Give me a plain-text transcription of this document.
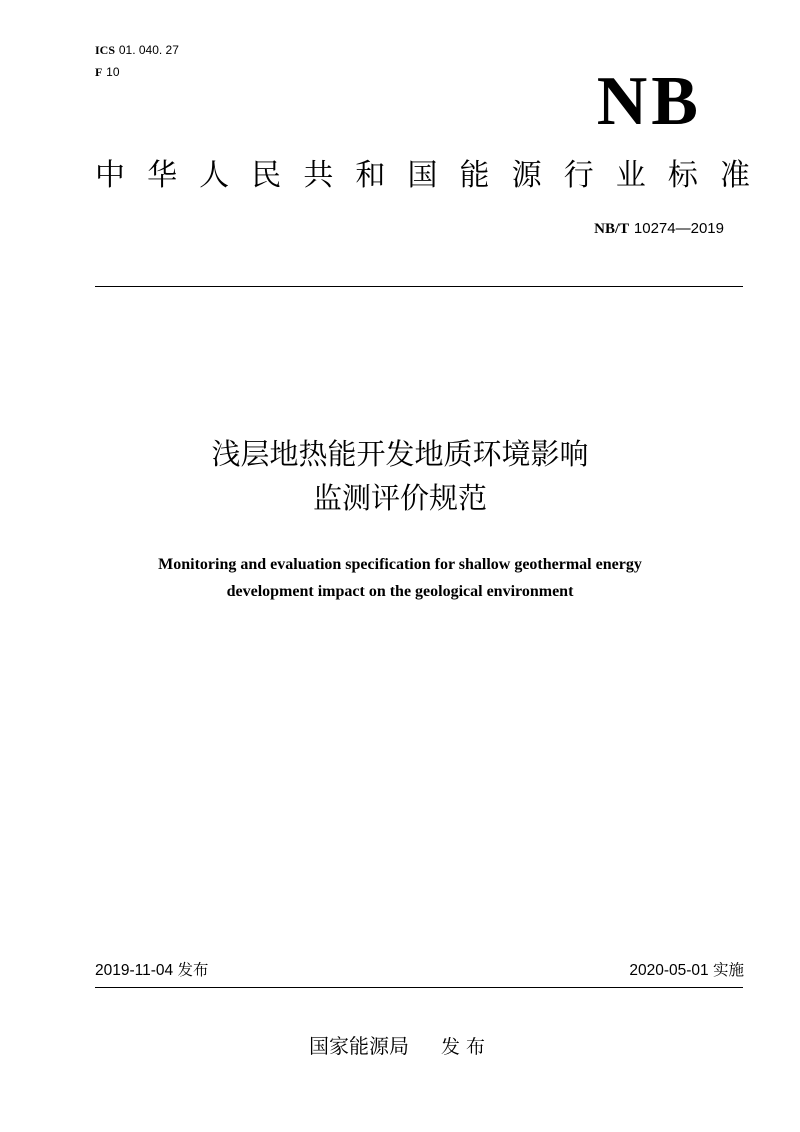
ICS 01. 040. 27
F 10	NB
中 华 人 民 共 和 国 能 源 行 业 标 准
NB/T 10274—2019
浅层地热能开发地质环境影响
监测评价规范
Monitoring and evaluation specification for shallow geothermal energy
development impact on the geological environment
2019-11-04 发布	2020-05-01 实施
国家能源局 发布
